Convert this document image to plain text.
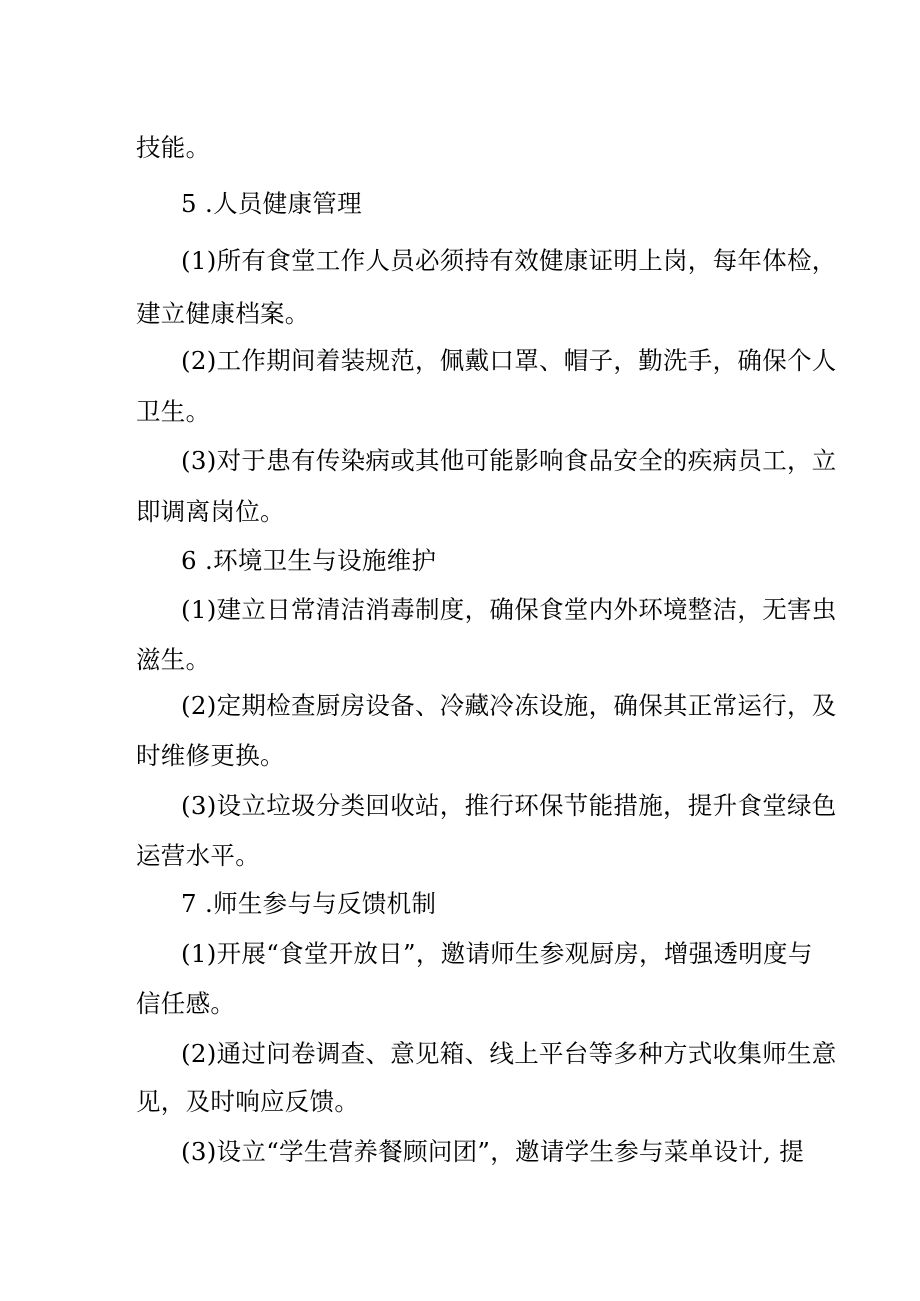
技能。
5 .人员健康管理
(1)所有食堂工作人员必须持有效健康证明上岗，每年体检，
建立健康档案。
(2)工作期间着装规范，佩戴口罩、帽子，勤洗手，确保个人
卫生。
(3)对于患有传染病或其他可能影响食品安全的疾病员工，立
即调离岗位。
6 .环境卫生与设施维护
(1)建立日常清洁消毒制度，确保食堂内外环境整洁，无害虫
滋生。
(2)定期检查厨房设备、冷藏冷冻设施，确保其正常运行，及
时维修更换。
(3)设立垃圾分类回收站，推行环保节能措施，提升食堂绿色
运营水平。
7 .师生参与与反馈机制
(1)开展“食堂开放日”，邀请师生参观厨房，增强透明度与
信任感。
(2)通过问卷调查、意见箱、线上平台等多种方式收集师生意
见，及时响应反馈。
(3)设立“学生营养餐顾问团”，邀请学生参与菜单设计, 提
